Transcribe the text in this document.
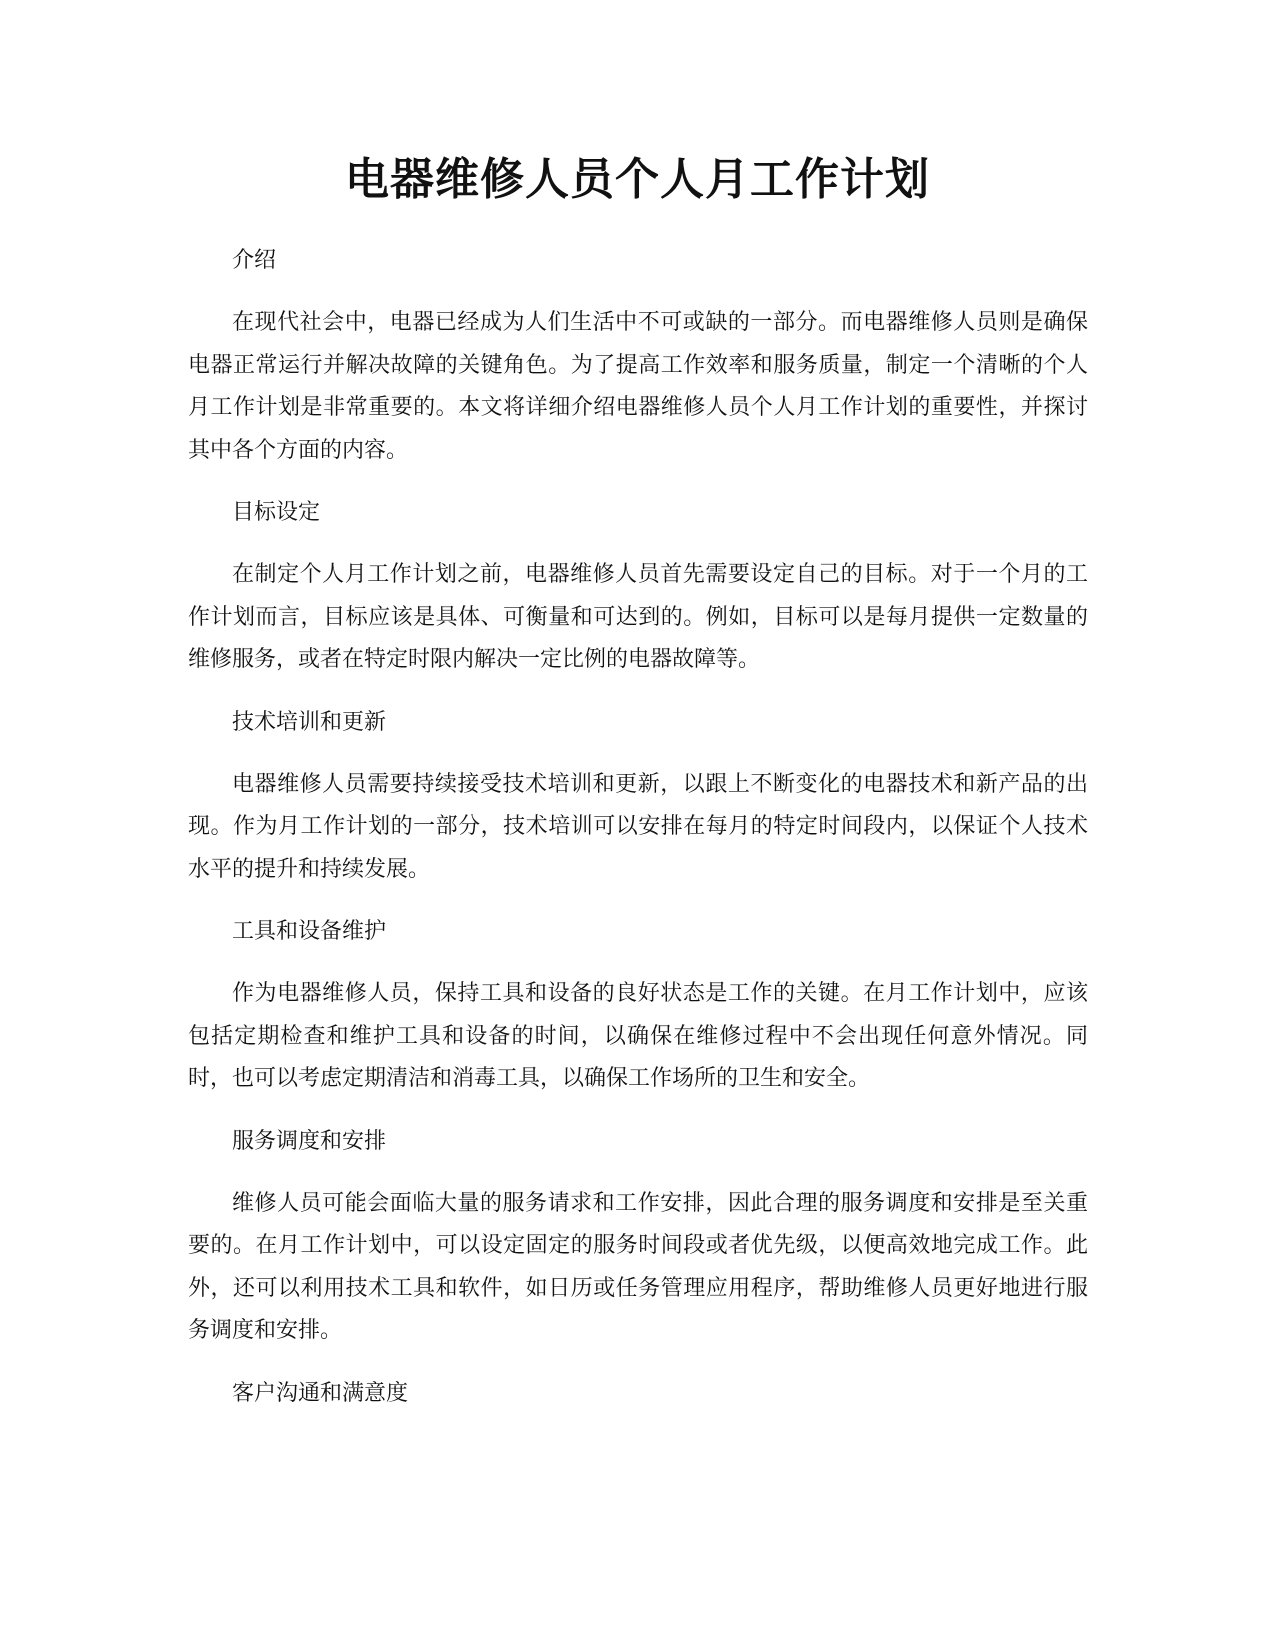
电器维修人员个人月工作计划

介绍

在现代社会中，电器已经成为人们生活中不可或缺的一部分。而电器维修人员则是确保电器正常运行并解决故障的关键角色。为了提高工作效率和服务质量，制定一个清晰的个人月工作计划是非常重要的。本文将详细介绍电器维修人员个人月工作计划的重要性，并探讨其中各个方面的内容。

目标设定

在制定个人月工作计划之前，电器维修人员首先需要设定自己的目标。对于一个月的工作计划而言，目标应该是具体、可衡量和可达到的。例如，目标可以是每月提供一定数量的维修服务，或者在特定时限内解决一定比例的电器故障等。

技术培训和更新

电器维修人员需要持续接受技术培训和更新，以跟上不断变化的电器技术和新产品的出现。作为月工作计划的一部分，技术培训可以安排在每月的特定时间段内，以保证个人技术水平的提升和持续发展。

工具和设备维护

作为电器维修人员，保持工具和设备的良好状态是工作的关键。在月工作计划中，应该包括定期检查和维护工具和设备的时间，以确保在维修过程中不会出现任何意外情况。同时，也可以考虑定期清洁和消毒工具，以确保工作场所的卫生和安全。

服务调度和安排

维修人员可能会面临大量的服务请求和工作安排，因此合理的服务调度和安排是至关重要的。在月工作计划中，可以设定固定的服务时间段或者优先级，以便高效地完成工作。此外，还可以利用技术工具和软件，如日历或任务管理应用程序，帮助维修人员更好地进行服务调度和安排。

客户沟通和满意度
